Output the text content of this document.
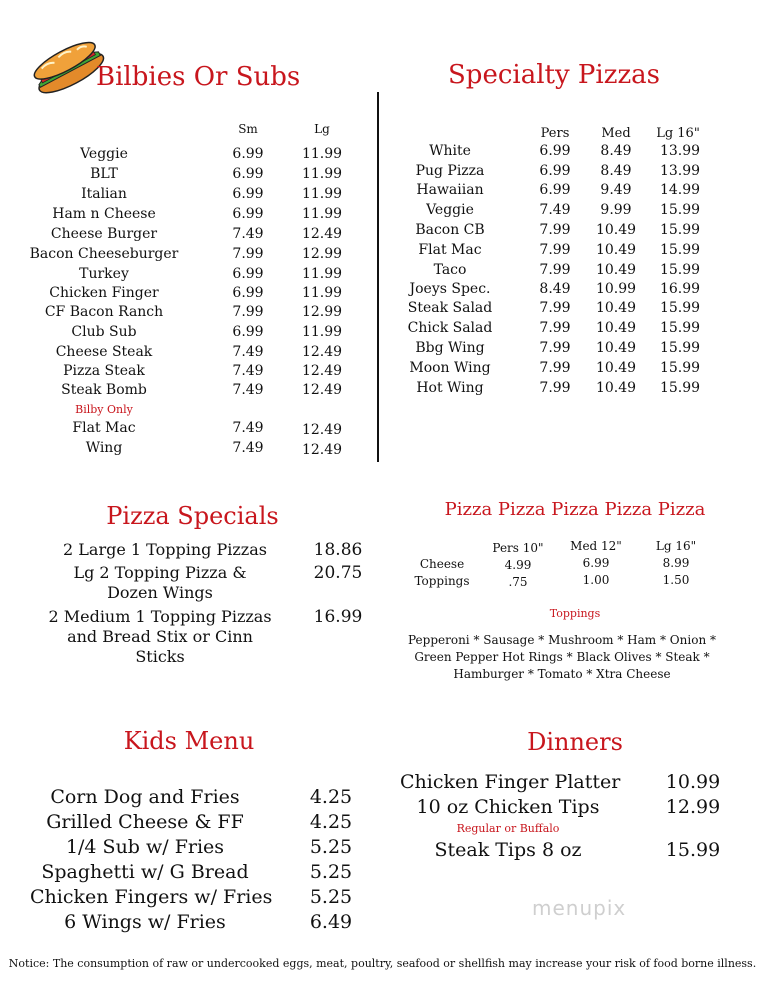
Bilbies Or Subs
Sm	Lg
Veggie	6.99	11.99
BLT	6.99	11.99
Italian	6.99	11.99
Ham n Cheese	6.99	11.99
Cheese Burger	7.49	12.49
Bacon Cheeseburger	7.99	12.99
Turkey	6.99	11.99
Chicken Finger	6.99	11.99
CF Bacon Ranch	7.99	12.99
Club Sub	6.99	11.99
Cheese Steak	7.49	12.49
Pizza Steak	7.49	12.49
Steak Bomb	7.49	12.49
Bilby Only
Flat Mac	7.49	12.49
Wing	7.49	12.49
Specialty Pizzas
Pers	Med	Lg 16"
White	6.99	8.49	13.99
Pug Pizza	6.99	8.49	13.99
Hawaiian	6.99	9.49	14.99
Veggie	7.49	9.99	15.99
Bacon CB	7.99	10.49	15.99
Flat Mac	7.99	10.49	15.99
Taco	7.99	10.49	15.99
Joeys Spec.	8.49	10.99	16.99
Steak Salad	7.99	10.49	15.99
Chick Salad	7.99	10.49	15.99
Bbg Wing	7.99	10.49	15.99
Moon Wing	7.99	10.49	15.99
Hot Wing	7.99	10.49	15.99
Pizza Specials
2 Large 1 Topping Pizzas	18.86
Lg 2 Topping Pizza & Dozen Wings
20.75
2 Medium 1 Topping Pizzas and Bread Stix or Cinn Sticks
16.99
Pizza Pizza Pizza Pizza Pizza
Pers 10"	Med 12"	Lg 16"
Cheese	4.99	6.99	8.99
Toppings	.75	1.00	1.50
Toppings
Pepperoni * Sausage * Mushroom * Ham * Onion * Green Pepper Hot Rings * Black Olives * Steak * Hamburger * Tomato * Xtra Cheese
Kids Menu
Corn Dog and Fries	4.25
Grilled Cheese & FF	4.25
1/4 Sub w/ Fries	5.25
Spaghetti w/ G Bread	5.25
Chicken Fingers w/ Fries	5.25
6 Wings w/ Fries	6.49
Dinners
Chicken Finger Platter 10.99
10 oz Chicken Tips	12.99
Regular or Buffalo
Steak Tips 8 oz	15.99
menupix
Notice: The consumption of raw or undercooked eggs, meat, poultry, seafood or shellfish may increase your risk of food borne illness.
